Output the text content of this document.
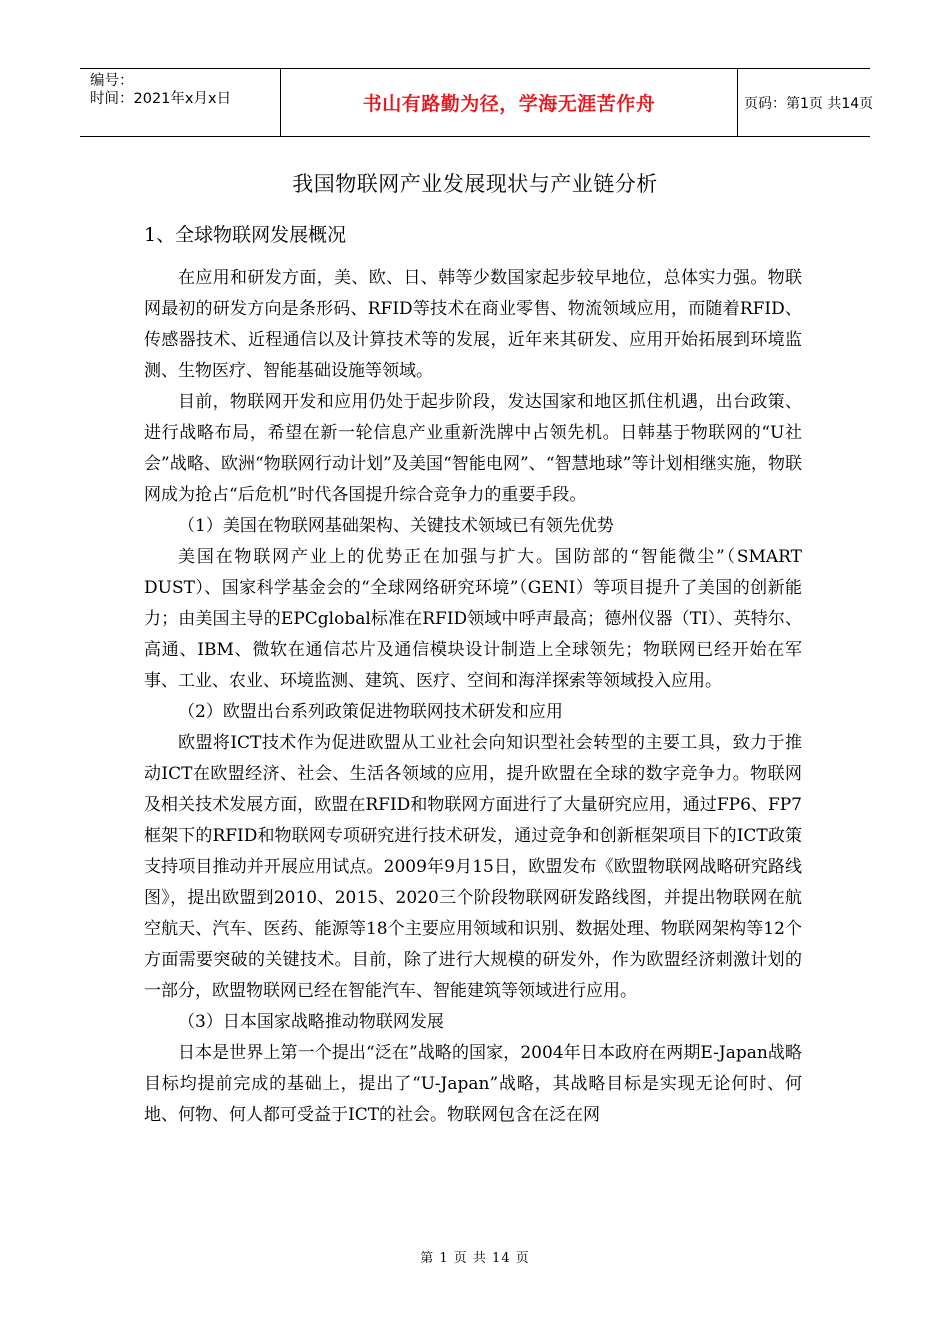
编号：
时间：2021年x月x日	书山有路勤为径，学海无涯苦作舟	页码：第1页 共14页
我国物联网产业发展现状与产业链分析
1、全球物联网发展概况

在应用和研发方面，美、欧、日、韩等少数国家起步较早地位，总体实力强。物联网最初的研发方向是条形码、RFID等技术在商业零售、物流领域应用，而随着RFID、传感器技术、近程通信以及计算技术等的发展，近年来其研发、应用开始拓展到环境监测、生物医疗、智能基础设施等领域。

目前，物联网开发和应用仍处于起步阶段，发达国家和地区抓住机遇，出台政策、进行战略布局，希望在新一轮信息产业重新洗牌中占领先机。日韩基于物联网的“U社会”战略、欧洲“物联网行动计划”及美国“智能电网”、“智慧地球”等计划相继实施，物联网成为抢占“后危机”时代各国提升综合竞争力的重要手段。

（1）美国在物联网基础架构、关键技术领域已有领先优势

美国在物联网产业上的优势正在加强与扩大。国防部的“智能微尘”（SMART DUST）、国家科学基金会的“全球网络研究环境”（GENI）等项目提升了美国的创新能力；由美国主导的EPCglobal标准在RFID领域中呼声最高；德州仪器（TI）、英特尔、高通、IBM、微软在通信芯片及通信模块设计制造上全球领先；物联网已经开始在军事、工业、农业、环境监测、建筑、医疗、空间和海洋探索等领域投入应用。

（2）欧盟出台系列政策促进物联网技术研发和应用

欧盟将ICT技术作为促进欧盟从工业社会向知识型社会转型的主要工具，致力于推动ICT在欧盟经济、社会、生活各领域的应用，提升欧盟在全球的数字竞争力。物联网及相关技术发展方面，欧盟在RFID和物联网方面进行了大量研究应用，通过FP6、FP7框架下的RFID和物联网专项研究进行技术研发，通过竞争和创新框架项目下的ICT政策支持项目推动并开展应用试点。2009年9月15日，欧盟发布《欧盟物联网战略研究路线图》，提出欧盟到2010、2015、2020三个阶段物联网研发路线图，并提出物联网在航空航天、汽车、医药、能源等18个主要应用领域和识别、数据处理、物联网架构等12个方面需要突破的关键技术。目前，除了进行大规模的研发外，作为欧盟经济刺激计划的一部分，欧盟物联网已经在智能汽车、智能建筑等领域进行应用。

（3）日本国家战略推动物联网发展

日本是世界上第一个提出“泛在”战略的国家，2004年日本政府在两期E-Japan战略目标均提前完成的基础上，提出了“U-Japan”战略，其战略目标是实现无论何时、何地、何物、何人都可受益于ICT的社会。物联网包含在泛在网

第 1 页 共 14 页
